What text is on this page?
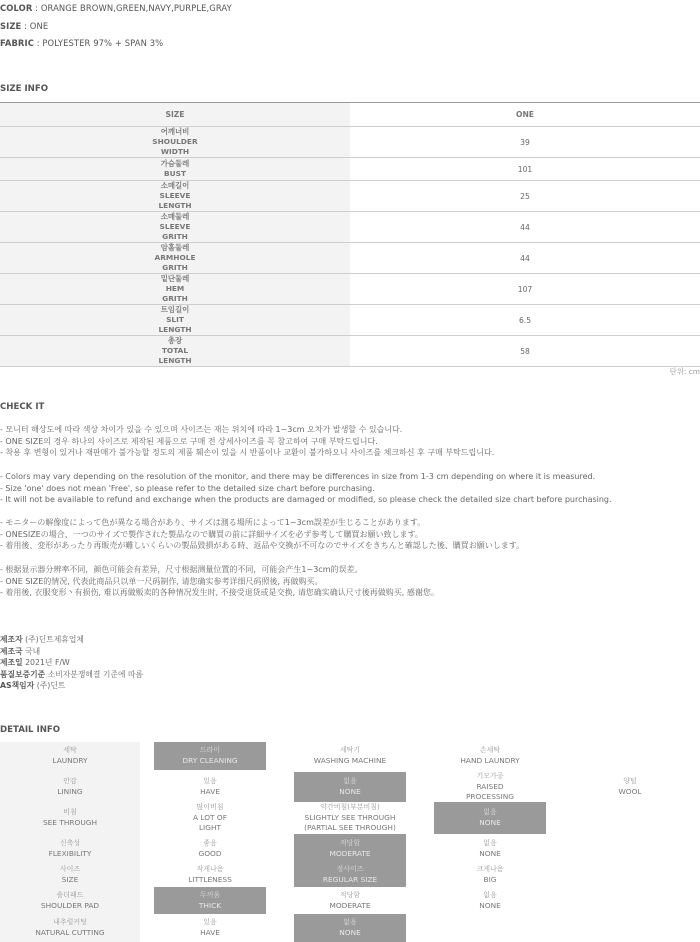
COLOR : ORANGE BROWN,GREEN,NAVY,PURPLE,GRAY
SIZE : ONE
FABRIC : POLYESTER 97% + SPAN 3%
SIZE INFO
SIZE	ONE
어깨너비
SHOULDER
WIDTH
39
가슴둘레
BUST	101
소매길이
SLEEVE
LENGTH
25
소매둘레
SLEEVE
GRITH
44
암홀둘레
ARMHOLE
GRITH
44
밑단둘레
HEM
GRITH
107
트임길이
SLIT
LENGTH
6.5
총장
TOTAL
LENGTH
58
단위: cm
CHECK IT
- 모니터 해상도에 따라 색상 차이가 있을 수 있으며 사이즈는 재는 위치에 따라 1~3cm 오차가 발생할 수 있습니다.
- ONE SIZE의 경우 하나의 사이즈로 제작된 제품으로 구매 전 상세사이즈를 꼭 참고하여 구매 부탁드립니다.
- 착용 후 변형이 있거나 재판매가 불가능할 정도의 제품 훼손이 있을 시 반품이나 교환이 불가하오니 사이즈를 체크하신 후 구매 부탁드립니다.
- Colors may vary depending on the resolution of the monitor, and there may be differences in size from 1-3 cm depending on where it is measured.
- Size 'one' does not mean 'Free', so please refer to the detailed size chart before purchasing.
- It will not be available to refund and exchange when the products are damaged or modified, so please check the detailed size chart before purchasing.
- モニターの解像度によって色が異なる場合があり、サイズは測る場所によって1~3cm誤差が生じることがあります。
- ONESIZEの場合、一つのサイズで製作された製品なので購買の前に詳細サイズを必ず参考して購買お願い致します。
- 着用後、変形があったり再販売が難しいくらいの製品毀損がある時、返品や交換が不可なのでサイズをきちんと確認した後、購買お願いします。
- 根据显示器分辨率不同，颜色可能会有差异，尺寸根据测量位置的不同，可能会产生1~3cm的误差。
- ONE SIZE的情况, 代表此商品只以单一尺码制作, 请您确实参考详细尺码照後, 再做购买。
- 着用後, 衣服变形丶有损伤, 难以再做贩卖的各种情况发生时, 不接受退货或是交换, 请您确实确认尺寸後再做购买, 感谢您。
제조자 (주)딘트제휴업체
제조국 국내
제조일 2021년 F/W
품질보증기준 소비자분쟁해결 기준에 따름
AS책임자 (주)딘트
DETAIL INFO
세탁
LAUNDRY
드라이
DRY CLEANING
세탁기
WASHING MACHINE
손세탁
HAND LAUNDRY
안감
LINING
있음
HAVE
없음
NONE
기모가공
RAISED
PROCESSING
양털
WOOL
비침
SEE THROUGH
많이비침
A LOT OF
LIGHT
약간비침(부분비침)
SLIGHTLY SEE THROUGH
(PARTIAL SEE THROUGH)
없음
NONE
신축성
FLEXIBILITY
좋음
GOOD
적당함
MODERATE
없음
NONE
사이즈
SIZE
작게나옴
LITTLENESS
정사이즈
REGULAR SIZE
크게나옴
BIG
숄더패드
SHOULDER PAD
두꺼움
THICK
적당함
MODERATE
없음
NONE
내추럴커팅
NATURAL CUTTING
있음
HAVE
없음
NONE
